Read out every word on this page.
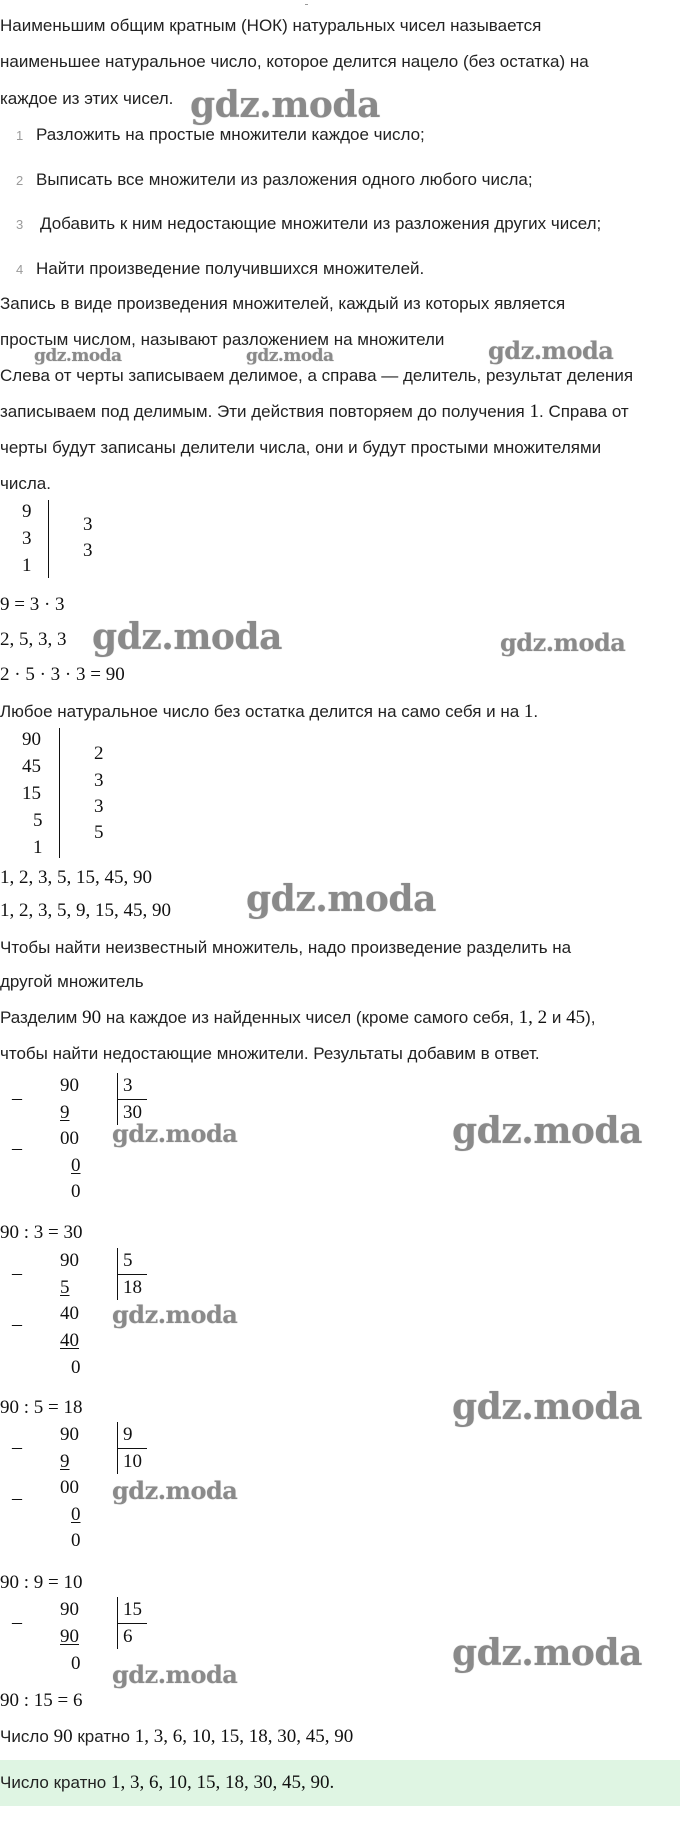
Наименьшим общим кратным (НОК) натуральных чисел называется
наименьшее натуральное число, которое делится нацело (без остатка) на
каждое из этих чисел. gdz.moda
1 Разложить на простые множители каждое число;
2 Выписать все множители из разложения одного любого числа;
3 Добавить к ним недостающие множители из разложения других чисел;
4 Найти произведение получившихся множителей.
Запись в виде произведения множителей, каждый из которых является
простым числом, называют разложением на множители
gdz.moda	gdz.moda	gdz.moda
Слева от черты записываем делимое, а справа — делитель, результат деления
записываем под делимым. Эти действия повторяем до получения 1. Справа от
черты будут записаны делители числа, они и будут простыми множителями
числа.
9
3
1
3
3
9 = 3 · 3
2, 5, 3, 3 gdz.moda	gdz.moda
2 · 5 · 3 · 3 = 90
Любое натуральное число без остатка делится на само себя и на 1.
90
45
15
5
1
2
3
3
5
1, 2, 3, 5, 15, 45, 90
1, 2, 3, 5, 9, 15, 45, 90 gdz.moda
Чтобы найти неизвестный множитель, надо произведение разделить на
другой множитель
Разделим 90 на каждое из найденных чисел (кроме самого себя, 1, 2 и 45),
чтобы найти недостающие множители. Результаты добавим в ответ.
–
90
9
– 00
0
0
3
30
gdz.moda	gdz.moda
90 : 3 = 30
–
90
5
– 40
40
0
5
18
gdz.moda
gdz.moda
90 : 5 = 18
–
90
9
– 00
0
0
9
10
gdz.moda
90 : 9 = 10
–
90
90
0
15
6	gdz.moda
gdz.moda
90 : 15 = 6
Число 90 кратно 1, 3, 6, 10, 15, 18, 30, 45, 90
Число кратно 1, 3, 6, 10, 15, 18, 30, 45, 90.
